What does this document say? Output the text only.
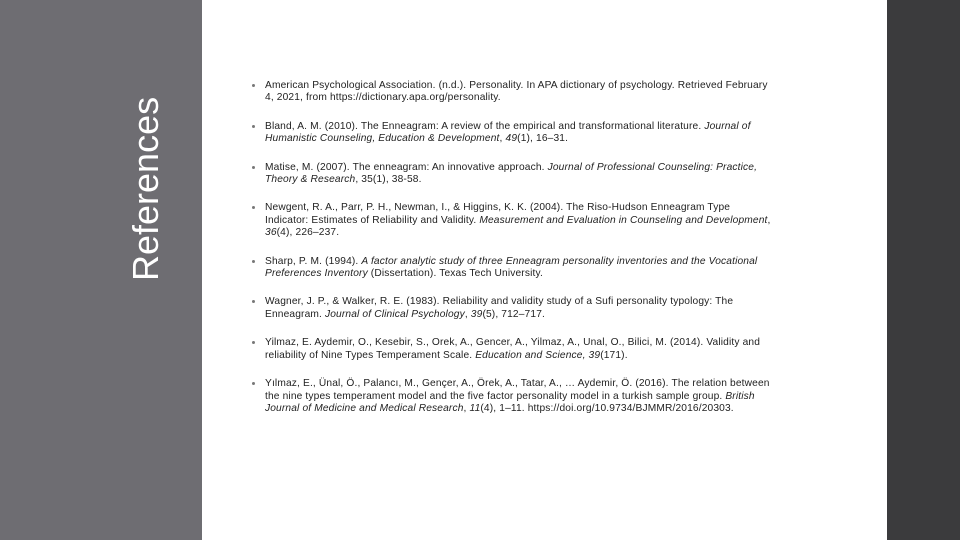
References
American Psychological Association. (n.d.). Personality. In APA dictionary of psychology. Retrieved February 4, 2021, from https://dictionary.apa.org/personality.
Bland, A. M. (2010). The Enneagram: A review of the empirical and transformational literature. Journal of Humanistic Counseling, Education & Development, 49(1), 16–31.
Matise, M. (2007). The enneagram: An innovative approach. Journal of Professional Counseling: Practice, Theory & Research, 35(1), 38-58.
Newgent, R. A., Parr, P. H., Newman, I., & Higgins, K. K. (2004). The Riso-Hudson Enneagram Type Indicator: Estimates of Reliability and Validity. Measurement and Evaluation in Counseling and Development, 36(4), 226–237.
Sharp, P. M. (1994). A factor analytic study of three Enneagram personality inventories and the Vocational Preferences Inventory (Dissertation). Texas Tech University.
Wagner, J. P., & Walker, R. E. (1983). Reliability and validity study of a Sufi personality typology: The Enneagram. Journal of Clinical Psychology, 39(5), 712–717.
Yilmaz, E. Aydemir, O., Kesebir, S., Orek, A., Gencer, A., Yilmaz, A., Unal, O., Bilici, M. (2014). Validity and reliability of Nine Types Temperament Scale. Education and Science, 39(171).
Yılmaz, E., Ünal, Ö., Palancı, M., Gençer, A., Örek, A., Tatar, A., … Aydemir, Ö. (2016). The relation between the nine types temperament model and the five factor personality model in a turkish sample group. British Journal of Medicine and Medical Research, 11(4), 1–11. https://doi.org/10.9734/BJMMR/2016/20303.
